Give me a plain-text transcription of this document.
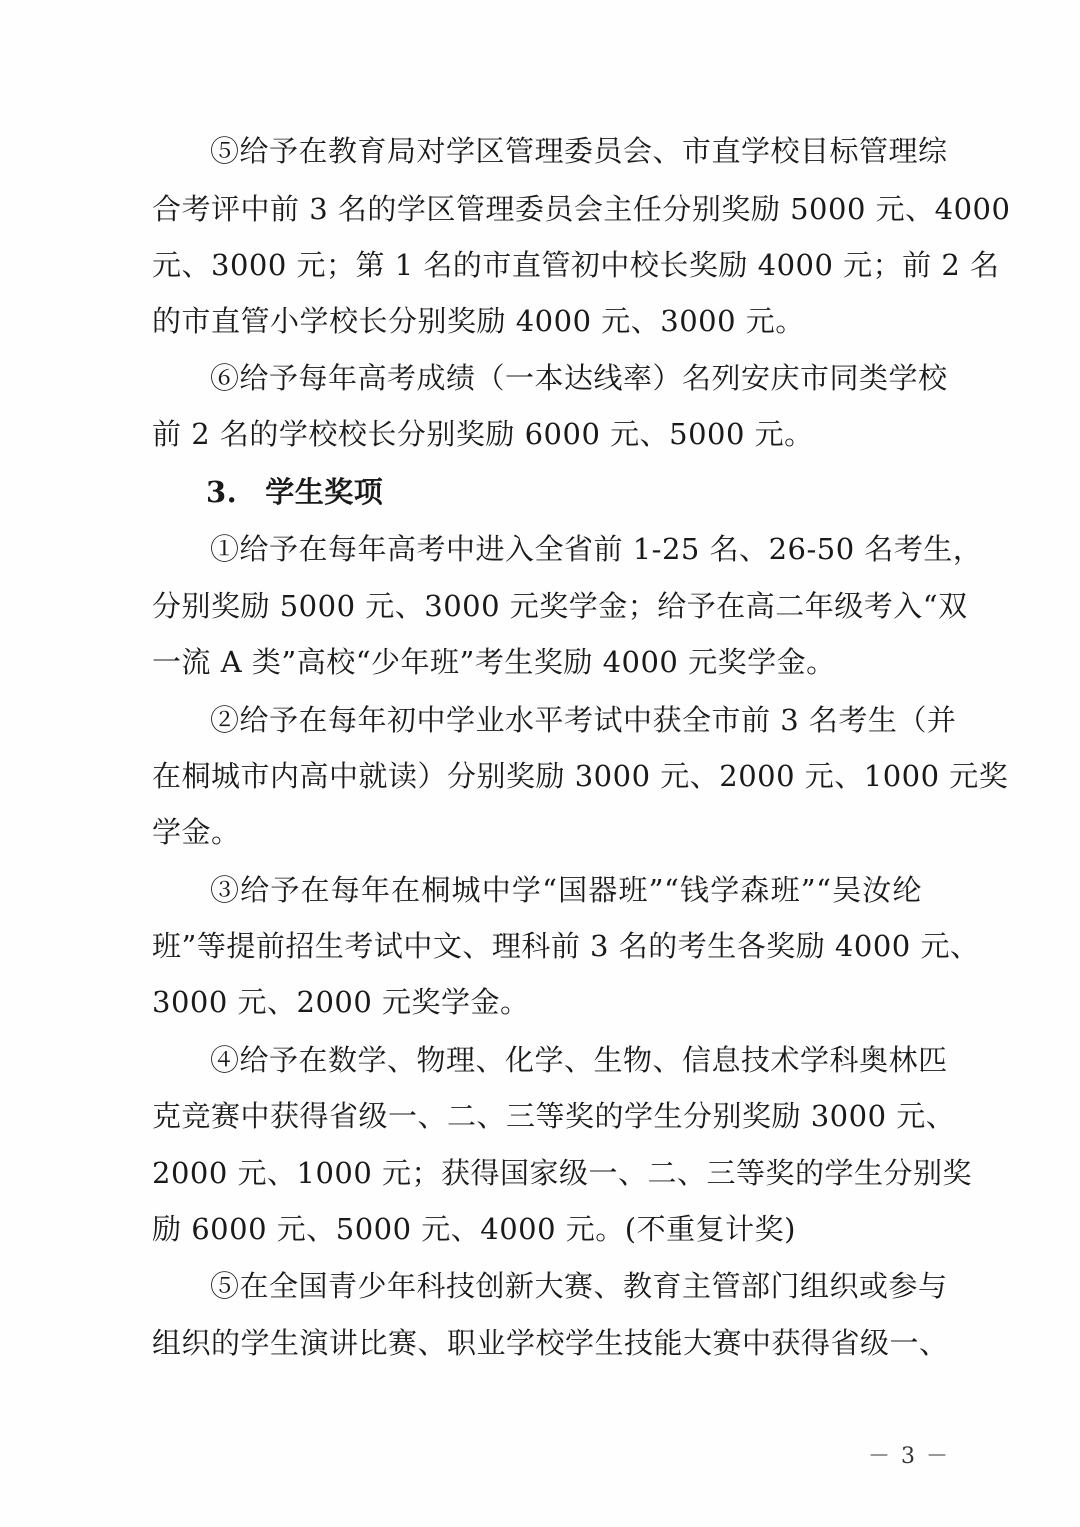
⑤给予在教育局对学区管理委员会、市直学校目标管理综
合考评中前 3 名的学区管理委员会主任分别奖励 5000 元、4000
元、3000 元；第 1 名的市直管初中校长奖励 4000 元；前 2 名
的市直管小学校长分别奖励 4000 元、3000 元。
⑥给予每年高考成绩（一本达线率）名列安庆市同类学校
前 2 名的学校校长分别奖励 6000 元、5000 元。
3. 学生奖项
①给予在每年高考中进入全省前 1-25 名、26-50 名考生，
分别奖励 5000 元、3000 元奖学金；给予在高二年级考入“双
一流 A 类”高校“少年班”考生奖励 4000 元奖学金。
②给予在每年初中学业水平考试中获全市前 3 名考生（并
在桐城市内高中就读）分别奖励 3000 元、2000 元、1000 元奖
学金。
③给予在每年在桐城中学“国器班”“钱学森班”“吴汝纶
班”等提前招生考试中文、理科前 3 名的考生各奖励 4000 元、
3000 元、2000 元奖学金。
④给予在数学、物理、化学、生物、信息技术学科奥林匹
克竞赛中获得省级一、二、三等奖的学生分别奖励 3000 元、
2000 元、1000 元；获得国家级一、二、三等奖的学生分别奖
励 6000 元、5000 元、4000 元。(不重复计奖)
⑤在全国青少年科技创新大赛、教育主管部门组织或参与
组织的学生演讲比赛、职业学校学生技能大赛中获得省级一、
－ 3 －
